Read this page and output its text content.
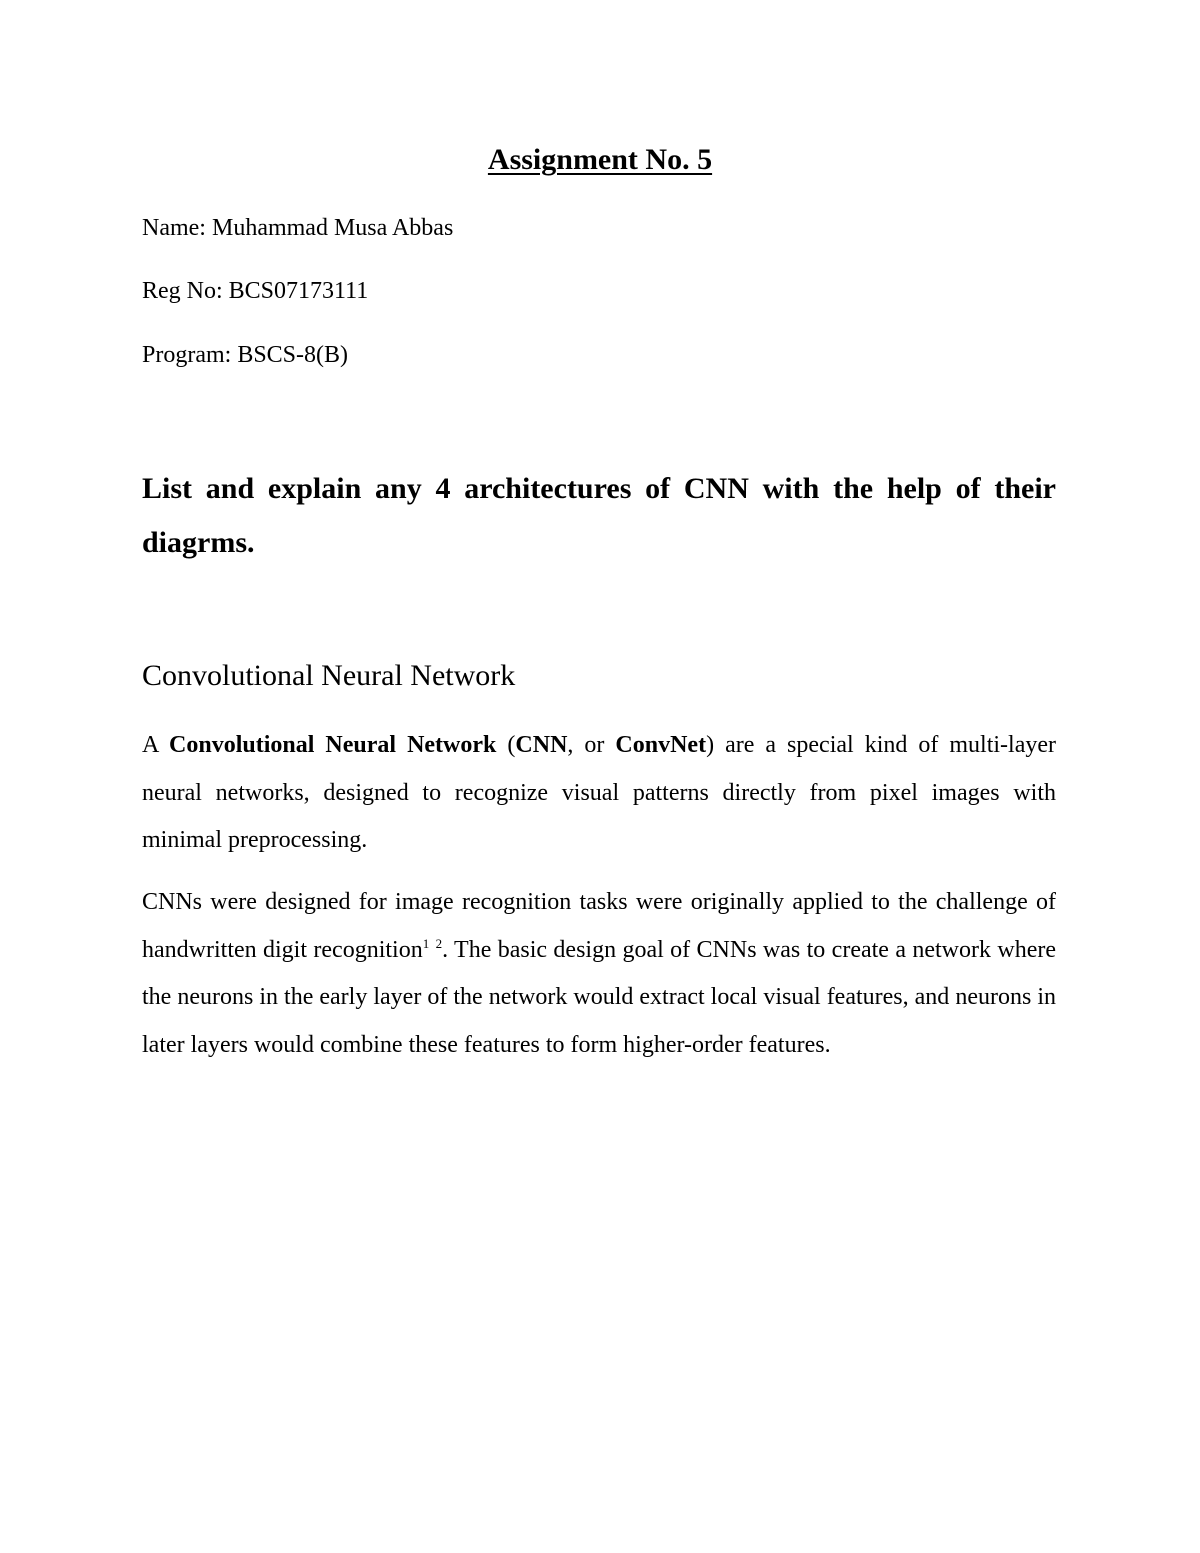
Assignment No. 5

Name: Muhammad Musa Abbas

Reg No: BCS07173111

Program: BSCS-8(B)

List and explain any 4 architectures of CNN with the help of their diagrms.

Convolutional Neural Network

A Convolutional Neural Network (CNN, or ConvNet) are a special kind of multi-layer neural networks, designed to recognize visual patterns directly from pixel images with minimal preprocessing.

CNNs were designed for image recognition tasks were originally applied to the challenge of handwritten digit recognition$^1$ $^2$. The basic design goal of CNNs was to create a network where the neurons in the early layer of the network would extract local visual features, and neurons in later layers would combine these features to form higher-order features.
